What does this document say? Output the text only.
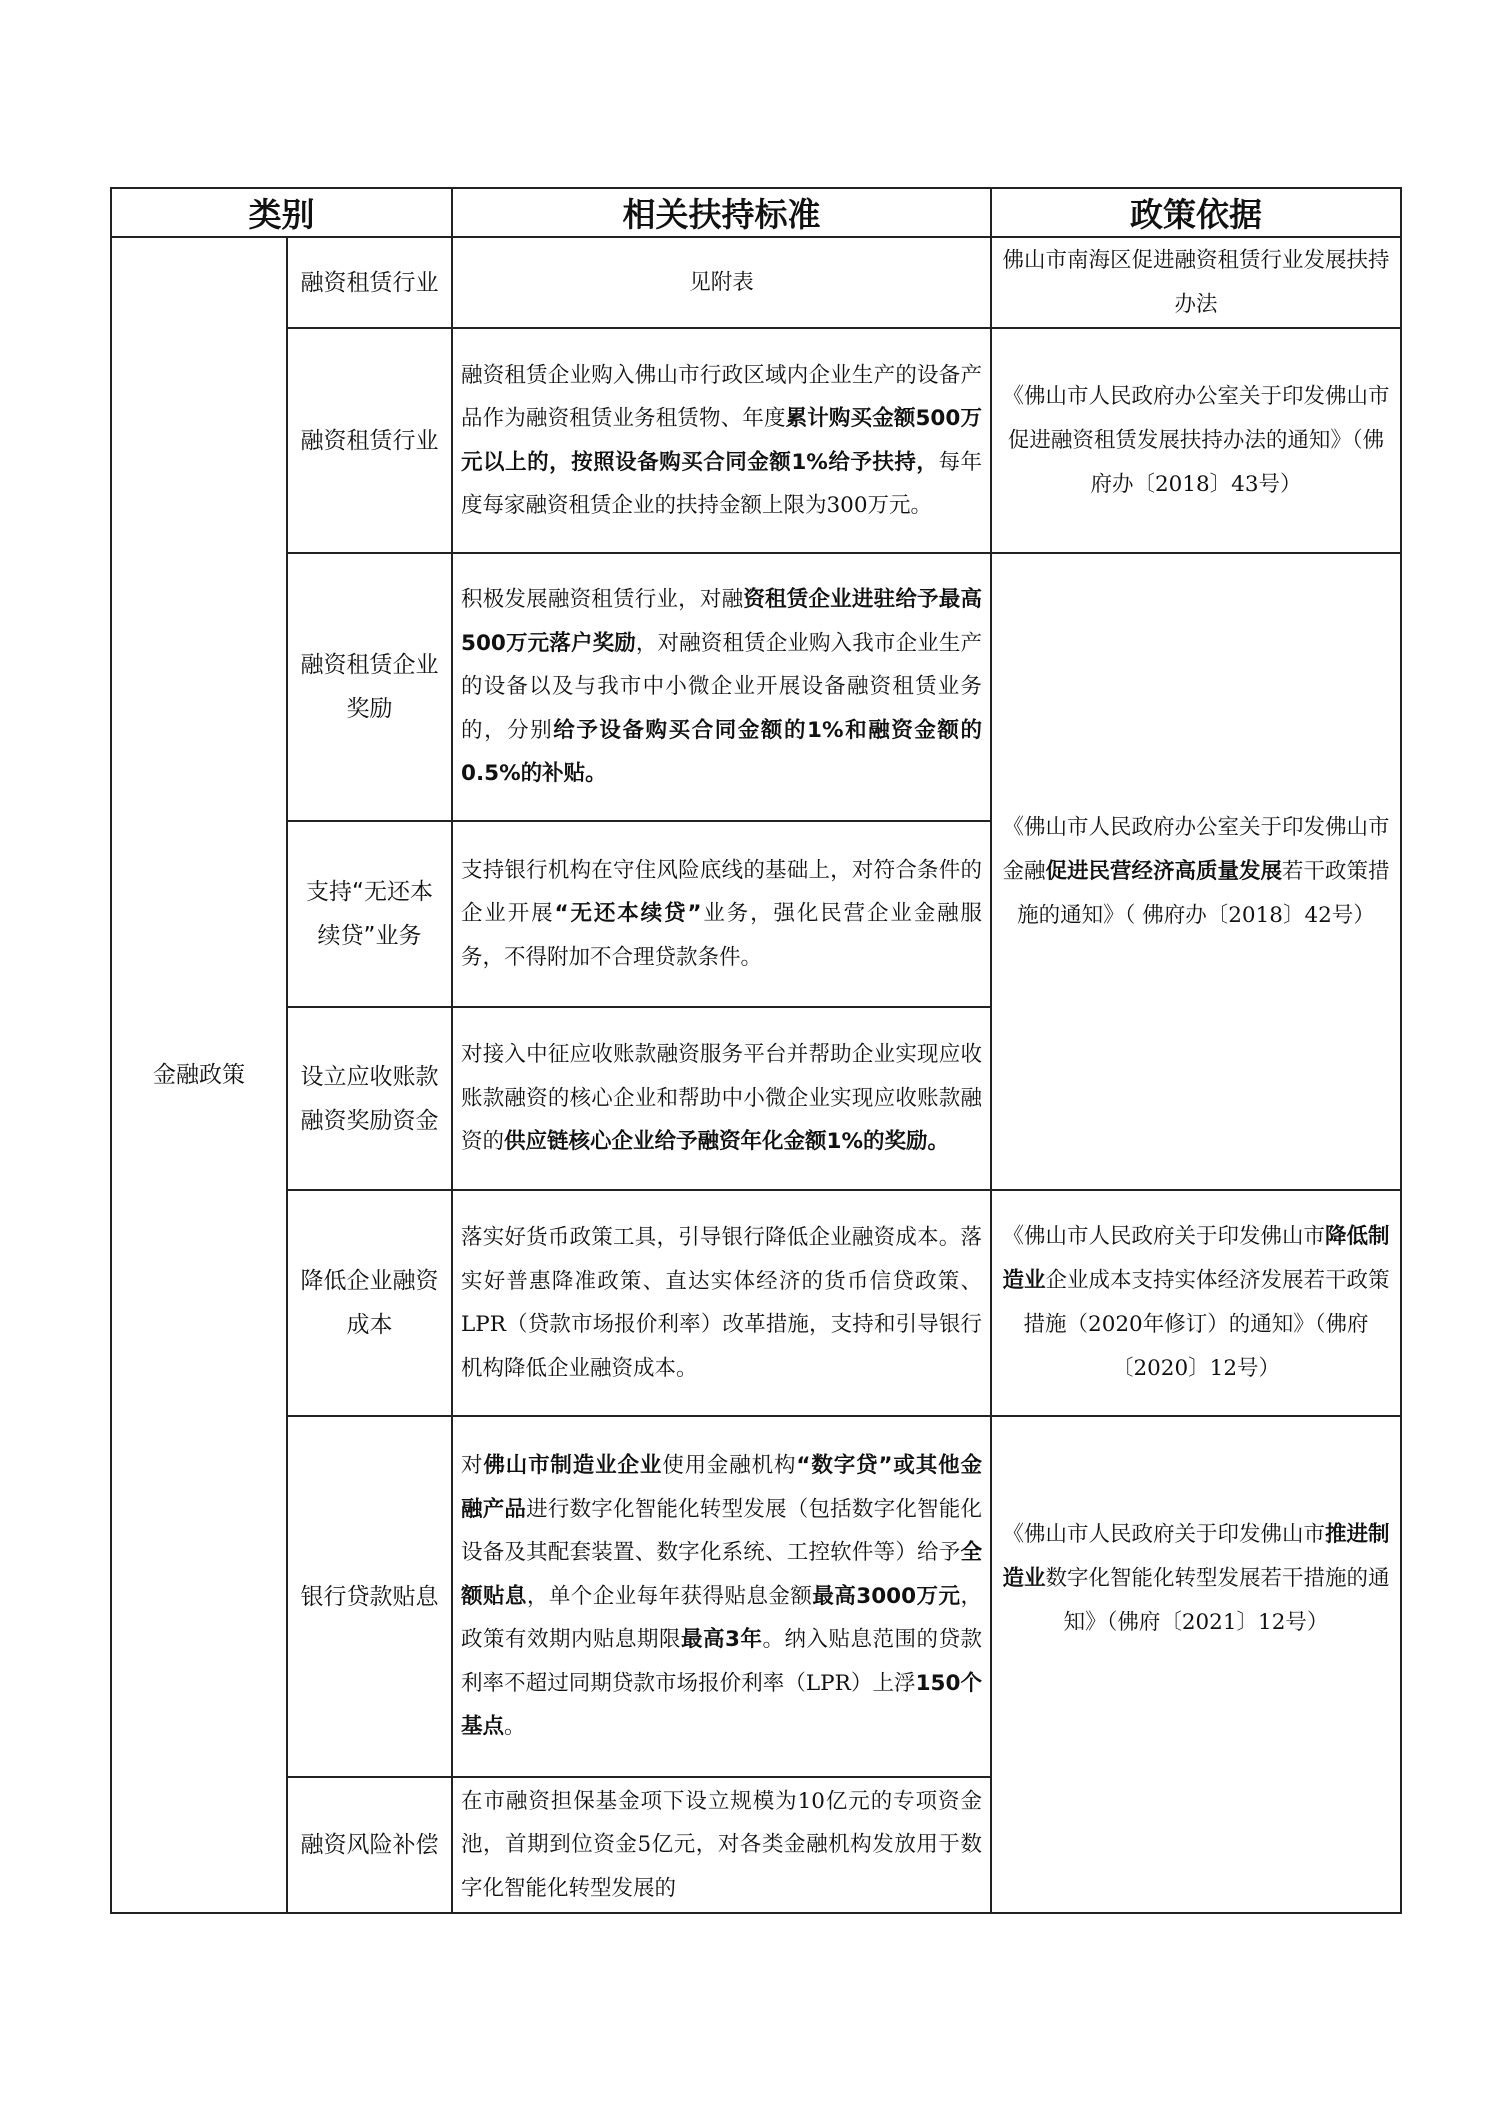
类别		相关扶持标准	政策依据
金融政策	融资租赁行业	见附表	佛山市南海区促进融资租赁行业发展扶持办法
	融资租赁行业	融资租赁企业购入佛山市行政区域内企业生产的设备产品作为融资租赁业务租赁物、年度累计购买金额500万元以上的，按照设备购买合同金额1%给予扶持，每年度每家融资租赁企业的扶持金额上限为300万元。	《佛山市人民政府办公室关于印发佛山市促进融资租赁发展扶持办法的通知》（佛府办〔2018〕43号）
	融资租赁企业奖励	积极发展融资租赁行业，对融资租赁企业进驻给予最高500万元落户奖励，对融资租赁企业购入我市企业生产的设备以及与我市中小微企业开展设备融资租赁业务的，分别给予设备购买合同金额的1%和融资金额的0.5%的补贴。	《佛山市人民政府办公室关于印发佛山市金融促进民营经济高质量发展若干政策措施的通知》（ 佛府办〔2018〕42号）
	支持“无还本续贷”业务	支持银行机构在守住风险底线的基础上，对符合条件的企业开展“无还本续贷”业务，强化民营企业金融服务，不得附加不合理贷款条件。	
	设立应收账款融资奖励资金	对接入中征应收账款融资服务平台并帮助企业实现应收账款融资的核心企业和帮助中小微企业实现应收账款融资的供应链核心企业给予融资年化金额1%的奖励。	
	降低企业融资成本	落实好货币政策工具，引导银行降低企业融资成本。落实好普惠降准政策、直达实体经济的货币信贷政策、LPR（贷款市场报价利率）改革措施，支持和引导银行机构降低企业融资成本。	《佛山市人民政府关于印发佛山市降低制造业企业成本支持实体经济发展若干政策措施（2020年修订）的通知》（佛府〔2020〕12号）
	银行贷款贴息	对佛山市制造业企业使用金融机构“数字贷”或其他金融产品进行数字化智能化转型发展（包括数字化智能化设备及其配套装置、数字化系统、工控软件等）给予全额贴息，单个企业每年获得贴息金额最高3000万元，政策有效期内贴息期限最高3年。纳入贴息范围的贷款利率不超过同期贷款市场报价利率（LPR）上浮150个基点。	《佛山市人民政府关于印发佛山市推进制造业数字化智能化转型发展若干措施的通知》（佛府〔2021〕12号）
	融资风险补偿	在市融资担保基金项下设立规模为10亿元的专项资金池，首期到位资金5亿元，对各类金融机构发放用于数字化智能化转型发展的	
